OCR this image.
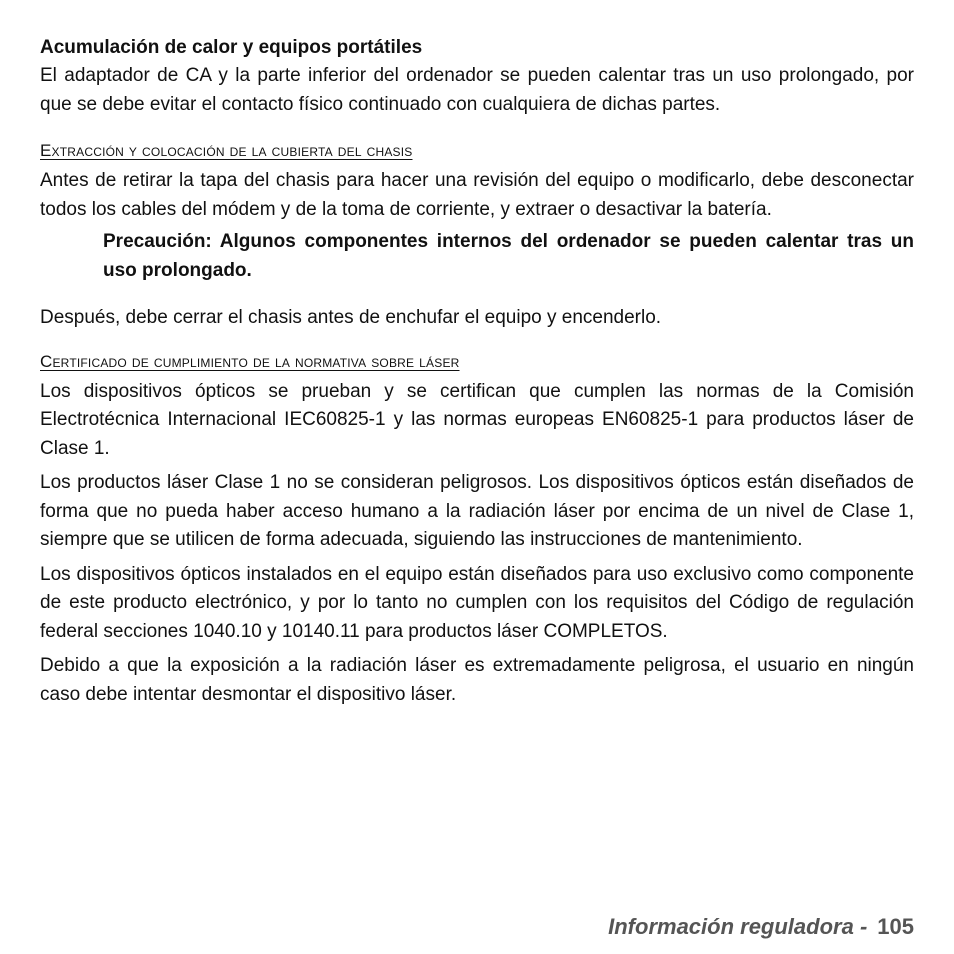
Acumulación de calor y equipos portátiles

El adaptador de CA y la parte inferior del ordenador se pueden calentar tras un uso prolongado, por que se debe evitar el contacto físico continuado con cualquiera de dichas partes.

Extracción y colocación de la cubierta del chasis

Antes de retirar la tapa del chasis para hacer una revisión del equipo o modificarlo, debe desconectar todos los cables del módem y de la toma de corriente, y extraer o desactivar la batería.

Precaución: Algunos componentes internos del ordenador se pueden calentar tras un uso prolongado.

Después, debe cerrar el chasis antes de enchufar el equipo y encenderlo.

Certificado de cumplimiento de la normativa sobre láser

Los dispositivos ópticos se prueban y se certifican que cumplen las normas de la Comisión Electrotécnica Internacional IEC60825-1 y las normas europeas EN60825-1 para productos láser de Clase 1.

Los productos láser Clase 1 no se consideran peligrosos. Los dispositivos ópticos están diseñados de forma que no pueda haber acceso humano a la radiación láser por encima de un nivel de Clase 1, siempre que se utilicen de forma adecuada, siguiendo las instrucciones de mantenimiento.

Los dispositivos ópticos instalados en el equipo están diseñados para uso exclusivo como componente de este producto electrónico, y por lo tanto no cumplen con los requisitos del Código de regulación federal secciones 1040.10 y 10140.11 para productos láser COMPLETOS.

Debido a que la exposición a la radiación láser es extremadamente peligrosa, el usuario en ningún caso debe intentar desmontar el dispositivo láser.

Información reguladora - 105
